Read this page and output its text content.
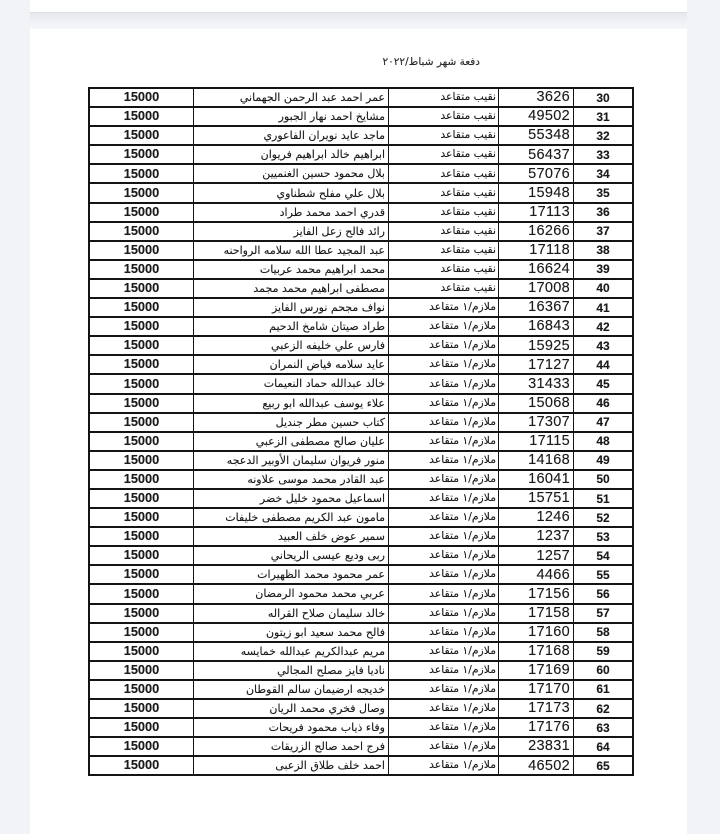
دفعة شهر شباط/٢٠٢٢
30
3626
نقيب متقاعد
عمر احمد عبد الرحمن الجهماني
15000
31
49502
نقيب متقاعد
مشايخ احمد نهار الجبور
15000
32
55348
نقيب متقاعد
ماجد عايد نويران الفاعوري
15000
33
56437
نقيب متقاعد
ابراهيم خالد ابراهيم فريوان
15000
34
57076
نقيب متقاعد
بلال محمود حسين الغنميين
15000
35
15948
نقيب متقاعد
بلال علي مفلح شطناوي
15000
36
17113
نقيب متقاعد
قدري احمد محمد طراد
15000
37
16266
نقيب متقاعد
رائد فالح زعل الفايز
15000
38
17118
نقيب متقاعد
عبد المجيد عطا الله سلامه الرواحنه
15000
39
16624
نقيب متقاعد
محمد ابراهيم محمد عربيات
15000
40
17008
نقيب متقاعد
مصطفى ابراهيم محمد مجمد
15000
41
16367
ملازم/١ متقاعد
نواف مجحم نورس الفايز
15000
42
16843
ملازم/١ متقاعد
طراد صيتان شامخ الدحيم
15000
43
15925
ملازم/١ متقاعد
فارس علي خليفه الزعبي
15000
44
17127
ملازم/١ متقاعد
عايد سلامه فياض النمران
15000
45
31433
ملازم/١ متقاعد
خالد عبدالله حماد النعيمات
15000
46
15068
ملازم/١ متقاعد
علاء يوسف عبدالله ابو ربيع
15000
47
17307
ملازم/١ متقاعد
كتاب حسين مطر جنديل
15000
48
17115
ملازم/١ متقاعد
عليان صالح مصطفى الزعبي
15000
49
14168
ملازم/١ متقاعد
منور فريوان سليمان الأوبير الدعجه
15000
50
16041
ملازم/١ متقاعد
عبد القادر محمد موسى علاونه
15000
51
15751
ملازم/١ متقاعد
اسماعيل محمود خليل خضر
15000
52
1246
ملازم/١ متقاعد
مامون عبد الكريم مصطفى خليفات
15000
53
1237
ملازم/١ متقاعد
سمير عوض خلف العبيد
15000
54
1257
ملازم/١ متقاعد
ربى وديع عيسى الريحاني
15000
55
4466
ملازم/١ متقاعد
عمر محمود محمد الظهيرات
15000
56
17156
ملازم/١ متقاعد
عربي محمد محمود الرمضان
15000
57
17158
ملازم/١ متقاعد
خالد سليمان صلاح القراله
15000
58
17160
ملازم/١ متقاعد
فالح محمد سعيد ابو زيتون
15000
59
17168
ملازم/١ متقاعد
مريم عبدالكريم عبدالله خمايسه
15000
60
17169
ملازم/١ متقاعد
ناديا فايز مصلح المجالي
15000
61
17170
ملازم/١ متقاعد
خديجه ارضيمان سالم القوطان
15000
62
17173
ملازم/١ متقاعد
وصال فخري محمد الريان
15000
63
17176
ملازم/١ متقاعد
وفاء ذياب محمود فريحات
15000
64
23831
ملازم/١ متقاعد
فرج احمد صالح الزريقات
15000
65
46502
ملازم/١ متقاعد
احمد خلف طلاق الزعبى
15000
